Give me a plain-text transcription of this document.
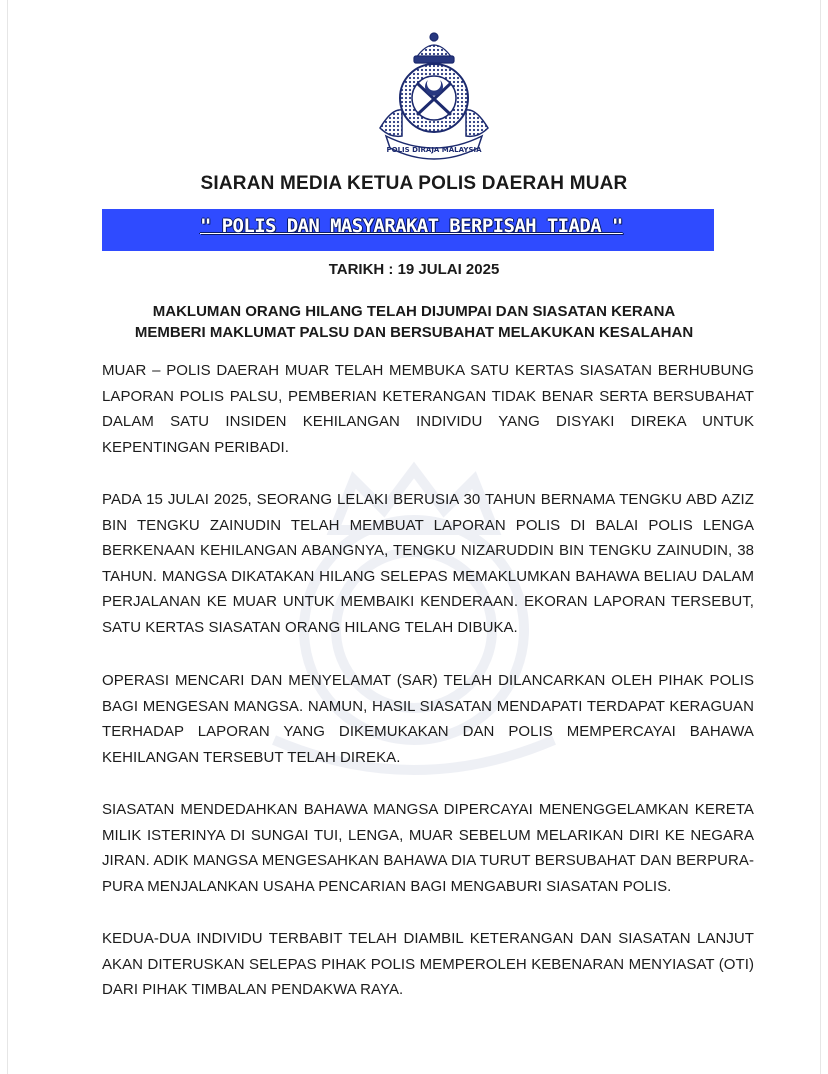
POLIS DIRAJA MALAYSIA
SIARAN MEDIA KETUA POLIS DAERAH MUAR
" POLIS DAN MASYARAKAT BERPISAH TIADA "
TARIKH : 19 JULAI 2025
MAKLUMAN ORANG HILANG TELAH DIJUMPAI DAN SIASATAN KERANA
MEMBERI MAKLUMAT PALSU DAN BERSUBAHAT MELAKUKAN KESALAHAN
MUAR – POLIS DAERAH MUAR TELAH MEMBUKA SATU KERTAS SIASATAN BERHUBUNG LAPORAN POLIS PALSU, PEMBERIAN KETERANGAN TIDAK BENAR SERTA BERSUBAHAT DALAM SATU INSIDEN KEHILANGAN INDIVIDU YANG DISYAKI DIREKA UNTUK KEPENTINGAN PERIBADI.
PADA 15 JULAI 2025, SEORANG LELAKI BERUSIA 30 TAHUN BERNAMA TENGKU ABD AZIZ BIN TENGKU ZAINUDIN TELAH MEMBUAT LAPORAN POLIS DI BALAI POLIS LENGA BERKENAAN KEHILANGAN ABANGNYA, TENGKU NIZARUDDIN BIN TENGKU ZAINUDIN, 38 TAHUN. MANGSA DIKATAKAN HILANG SELEPAS MEMAKLUMKAN BAHAWA BELIAU DALAM PERJALANAN KE MUAR UNTUK MEMBAIKI KENDERAAN. EKORAN LAPORAN TERSEBUT, SATU KERTAS SIASATAN ORANG HILANG TELAH DIBUKA.
OPERASI MENCARI DAN MENYELAMAT (SAR) TELAH DILANCARKAN OLEH PIHAK POLIS BAGI MENGESAN MANGSA. NAMUN, HASIL SIASATAN MENDAPATI TERDAPAT KERAGUAN TERHADAP LAPORAN YANG DIKEMUKAKAN DAN POLIS MEMPERCAYAI BAHAWA KEHILANGAN TERSEBUT TELAH DIREKA.
SIASATAN MENDEDAHKAN BAHAWA MANGSA DIPERCAYAI MENENGGELAMKAN KERETA MILIK ISTERINYA DI SUNGAI TUI, LENGA, MUAR SEBELUM MELARIKAN DIRI KE NEGARA JIRAN. ADIK MANGSA MENGESAHKAN BAHAWA DIA TURUT BERSUBAHAT DAN BERPURA-PURA MENJALANKAN USAHA PENCARIAN BAGI MENGABURI SIASATAN POLIS.
KEDUA-DUA INDIVIDU TERBABIT TELAH DIAMBIL KETERANGAN DAN SIASATAN LANJUT AKAN DITERUSKAN SELEPAS PIHAK POLIS MEMPEROLEH KEBENARAN MENYIASAT (OTI) DARI PIHAK TIMBALAN PENDAKWA RAYA.
